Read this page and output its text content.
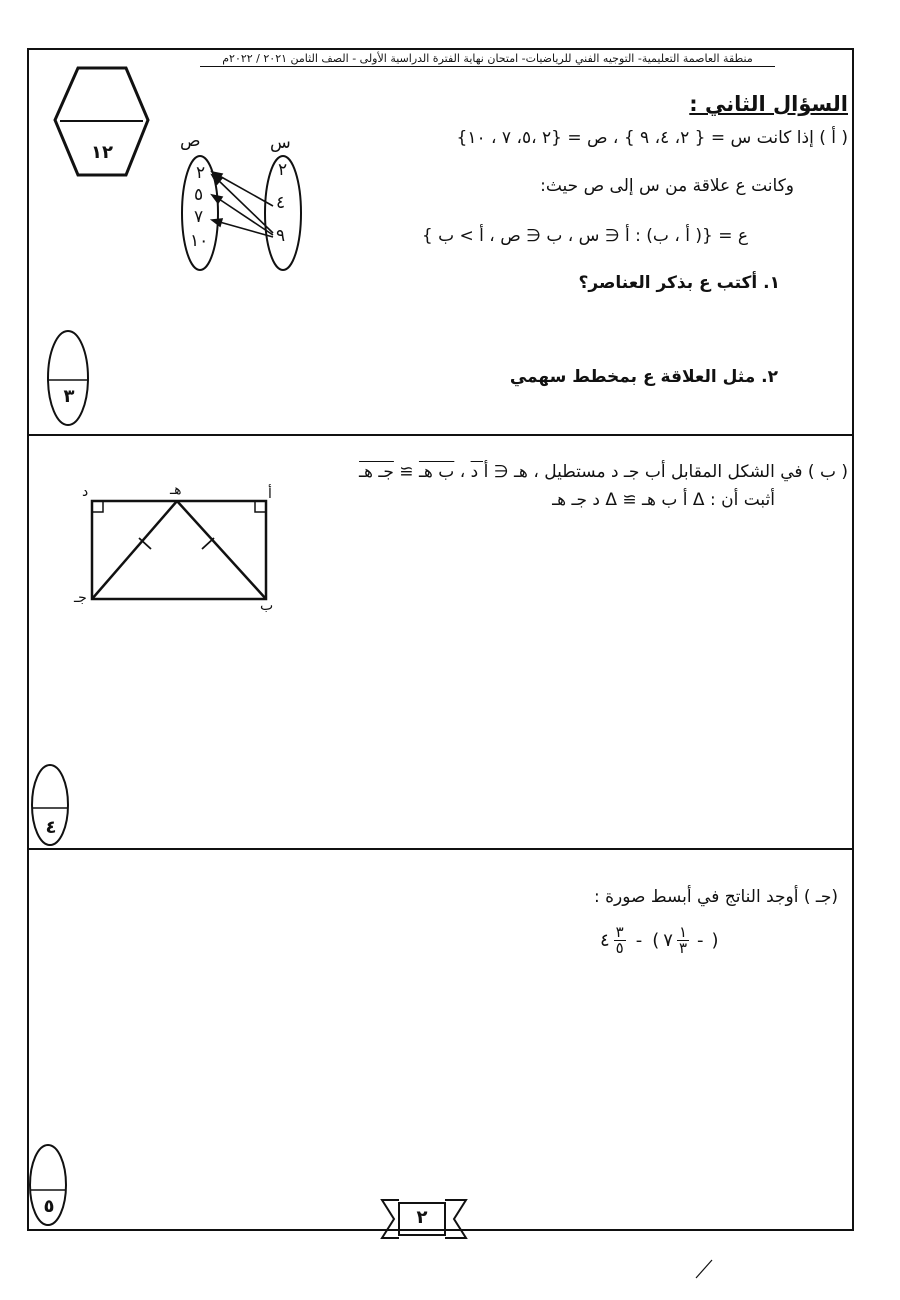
منطقة العاصمة التعليمية- التوجيه الفني للرياضيات- امتحان نهاية الفترة الدراسية الأولى - الصف الثامن ٢٠٢١ / ٢٠٢٢م
١٢
السؤال الثاني :
( أ ) إذا كانت س = { ٢، ٤، ٩ } ، ص = {٢ ،٥، ٧ ، ١٠}
وكانت ع علاقة من س إلى ص حيث:
ع = {( أ ، ب) : أ ∈ س ، ب ∈ ص ، أ > ب }
١. أكتب ع بذكر العناصر؟
٢. مثل العلاقة ع بمخطط سهمي
٣
ص	س
٢
٤
٩
٢
٥
٧
١٠
( ب ) في الشكل المقابل أب جـ د مستطيل ، هـ ∈ أ د ، ب هـ ≅ جـ هـ
أثبت أن : Δ أ ب هـ ≅ Δ د جـ هـ
٤
د	هـ	أ
جـ	ب
(جـ ) أوجد الناتج في أبسط صورة :
٤ ٣
٥ - ( ٧ ١
٣ - )
٥
٢
